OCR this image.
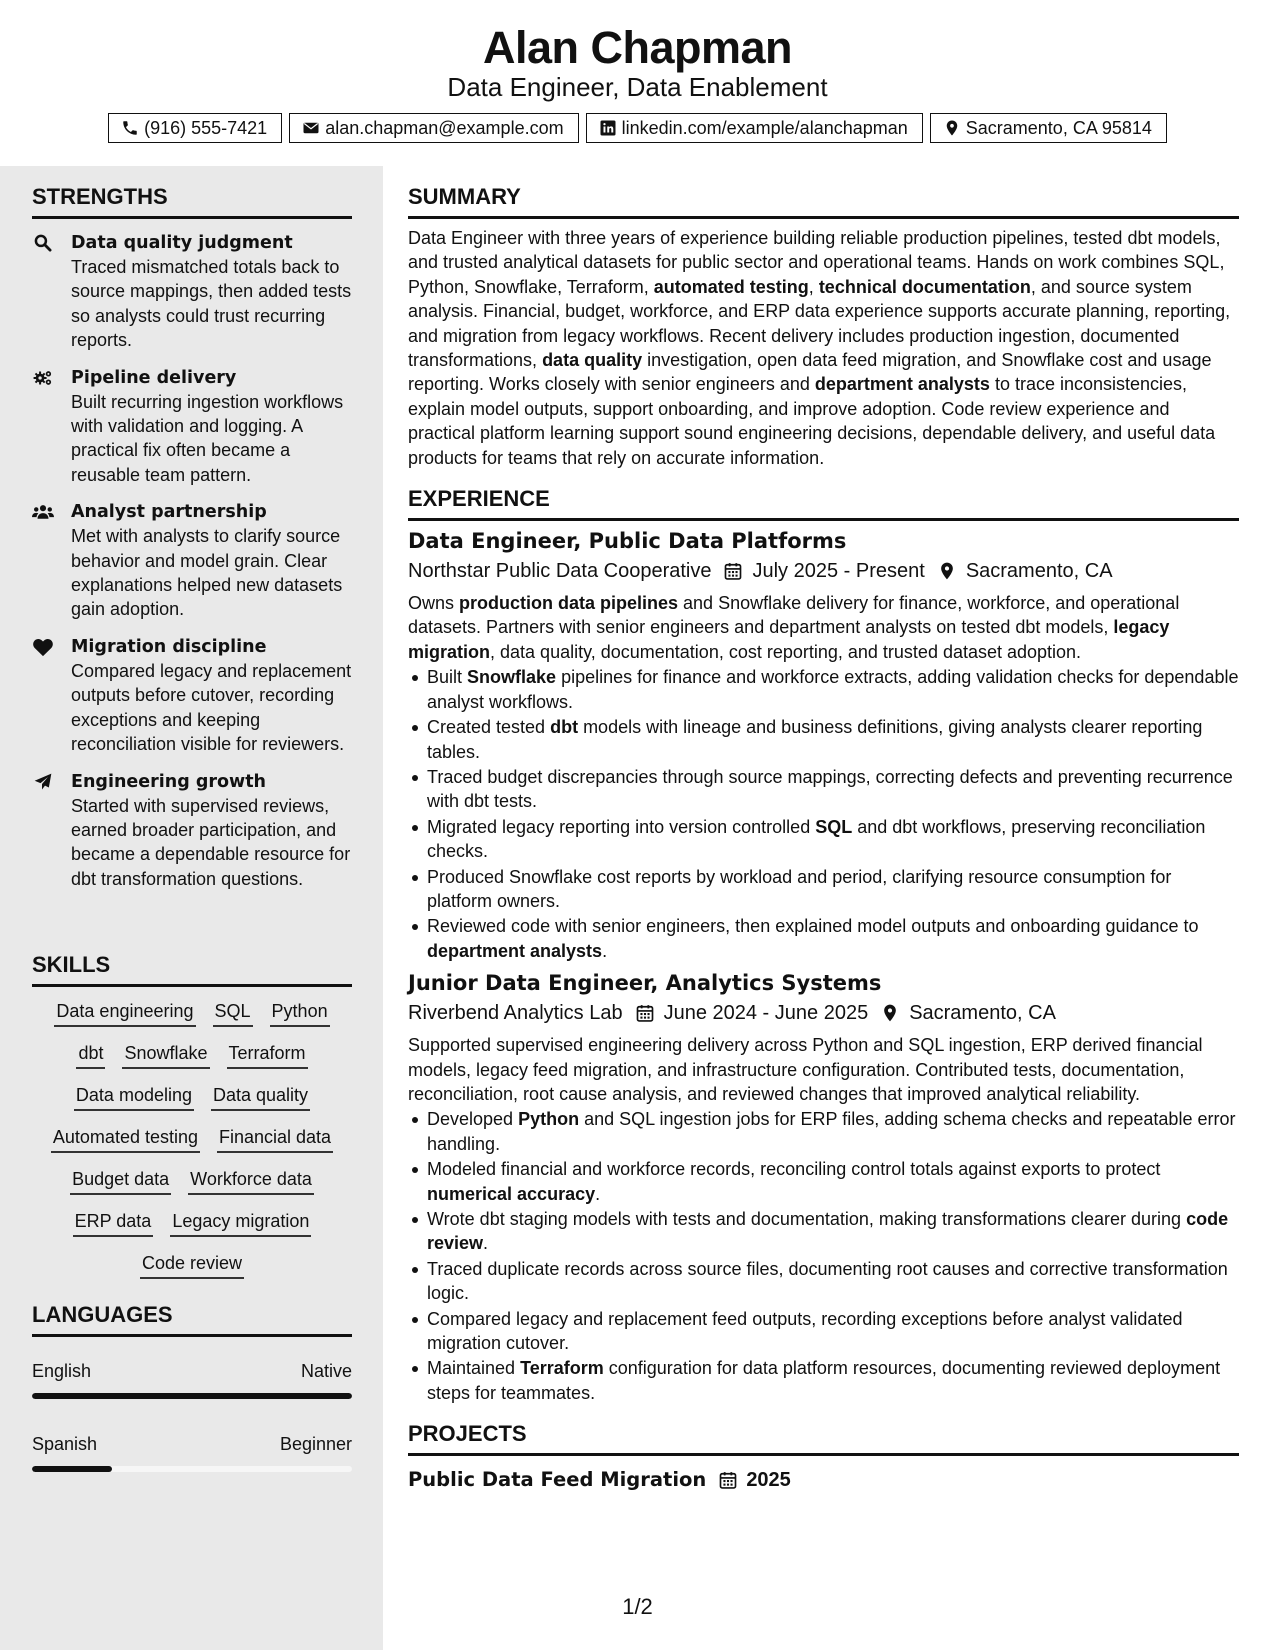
Alan Chapman
Data Engineer, Data Enablement
(916) 555-7421	alan.chapman@example.com	linkedin.com/example/alanchapman	Sacramento, CA 95814
STRENGTHS
Data quality judgment
Traced mismatched totals back to source mappings, then added tests so analysts could trust recurring reports.
Pipeline delivery
Built recurring ingestion workflows with validation and logging. A practical fix often became a reusable team pattern.
Analyst partnership
Met with analysts to clarify source behavior and model grain. Clear explanations helped new datasets gain adoption.
Migration discipline
Compared legacy and replacement outputs before cutover, recording exceptions and keeping reconciliation visible for reviewers.
Engineering growth
Started with supervised reviews, earned broader participation, and became a dependable resource for dbt transformation questions.
SKILLS
Data engineering SQL Python
dbt Snowflake Terraform
Data modeling Data quality
Automated testing Financial data
Budget data Workforce data
ERP data Legacy migration
Code review
LANGUAGES
English	Native
Spanish	Beginner
SUMMARY
Data Engineer with three years of experience building reliable production pipelines, tested dbt models, and trusted analytical datasets for public sector and operational teams. Hands on work combines SQL, Python, Snowflake, Terraform, automated testing, technical documentation, and source system analysis. Financial, budget, workforce, and ERP data experience supports accurate planning, reporting, and migration from legacy workflows. Recent delivery includes production ingestion, documented transformations, data quality investigation, open data feed migration, and Snowflake cost and usage reporting. Works closely with senior engineers and department analysts to trace inconsistencies, explain model outputs, support onboarding, and improve adoption. Code review experience and practical platform learning support sound engineering decisions, dependable delivery, and useful data products for teams that rely on accurate information.
EXPERIENCE
Data Engineer, Public Data Platforms
Northstar Public Data Cooperative July 2025 - Present Sacramento, CA
Owns production data pipelines and Snowflake delivery for finance, workforce, and operational datasets. Partners with senior engineers and department analysts on tested dbt models, legacy migration, data quality, documentation, cost reporting, and trusted dataset adoption.
Built Snowflake pipelines for finance and workforce extracts, adding validation checks for dependable analyst workflows.
Created tested dbt models with lineage and business definitions, giving analysts clearer reporting tables.
Traced budget discrepancies through source mappings, correcting defects and preventing recurrence with dbt tests.
Migrated legacy reporting into version controlled SQL and dbt workflows, preserving reconciliation checks.
Produced Snowflake cost reports by workload and period, clarifying resource consumption for platform owners.
Reviewed code with senior engineers, then explained model outputs and onboarding guidance to department analysts.
Junior Data Engineer, Analytics Systems
Riverbend Analytics Lab June 2024 - June 2025 Sacramento, CA
Supported supervised engineering delivery across Python and SQL ingestion, ERP derived financial models, legacy feed migration, and infrastructure configuration. Contributed tests, documentation, reconciliation, root cause analysis, and reviewed changes that improved analytical reliability.
Developed Python and SQL ingestion jobs for ERP files, adding schema checks and repeatable error handling.
Modeled financial and workforce records, reconciling control totals against exports to protect numerical accuracy.
Wrote dbt staging models with tests and documentation, making transformations clearer during code review.
Traced duplicate records across source files, documenting root causes and corrective transformation logic.
Compared legacy and replacement feed outputs, recording exceptions before analyst validated migration cutover.
Maintained Terraform configuration for data platform resources, documenting reviewed deployment steps for teammates.
PROJECTS
Public Data Feed Migration 2025
1/2
